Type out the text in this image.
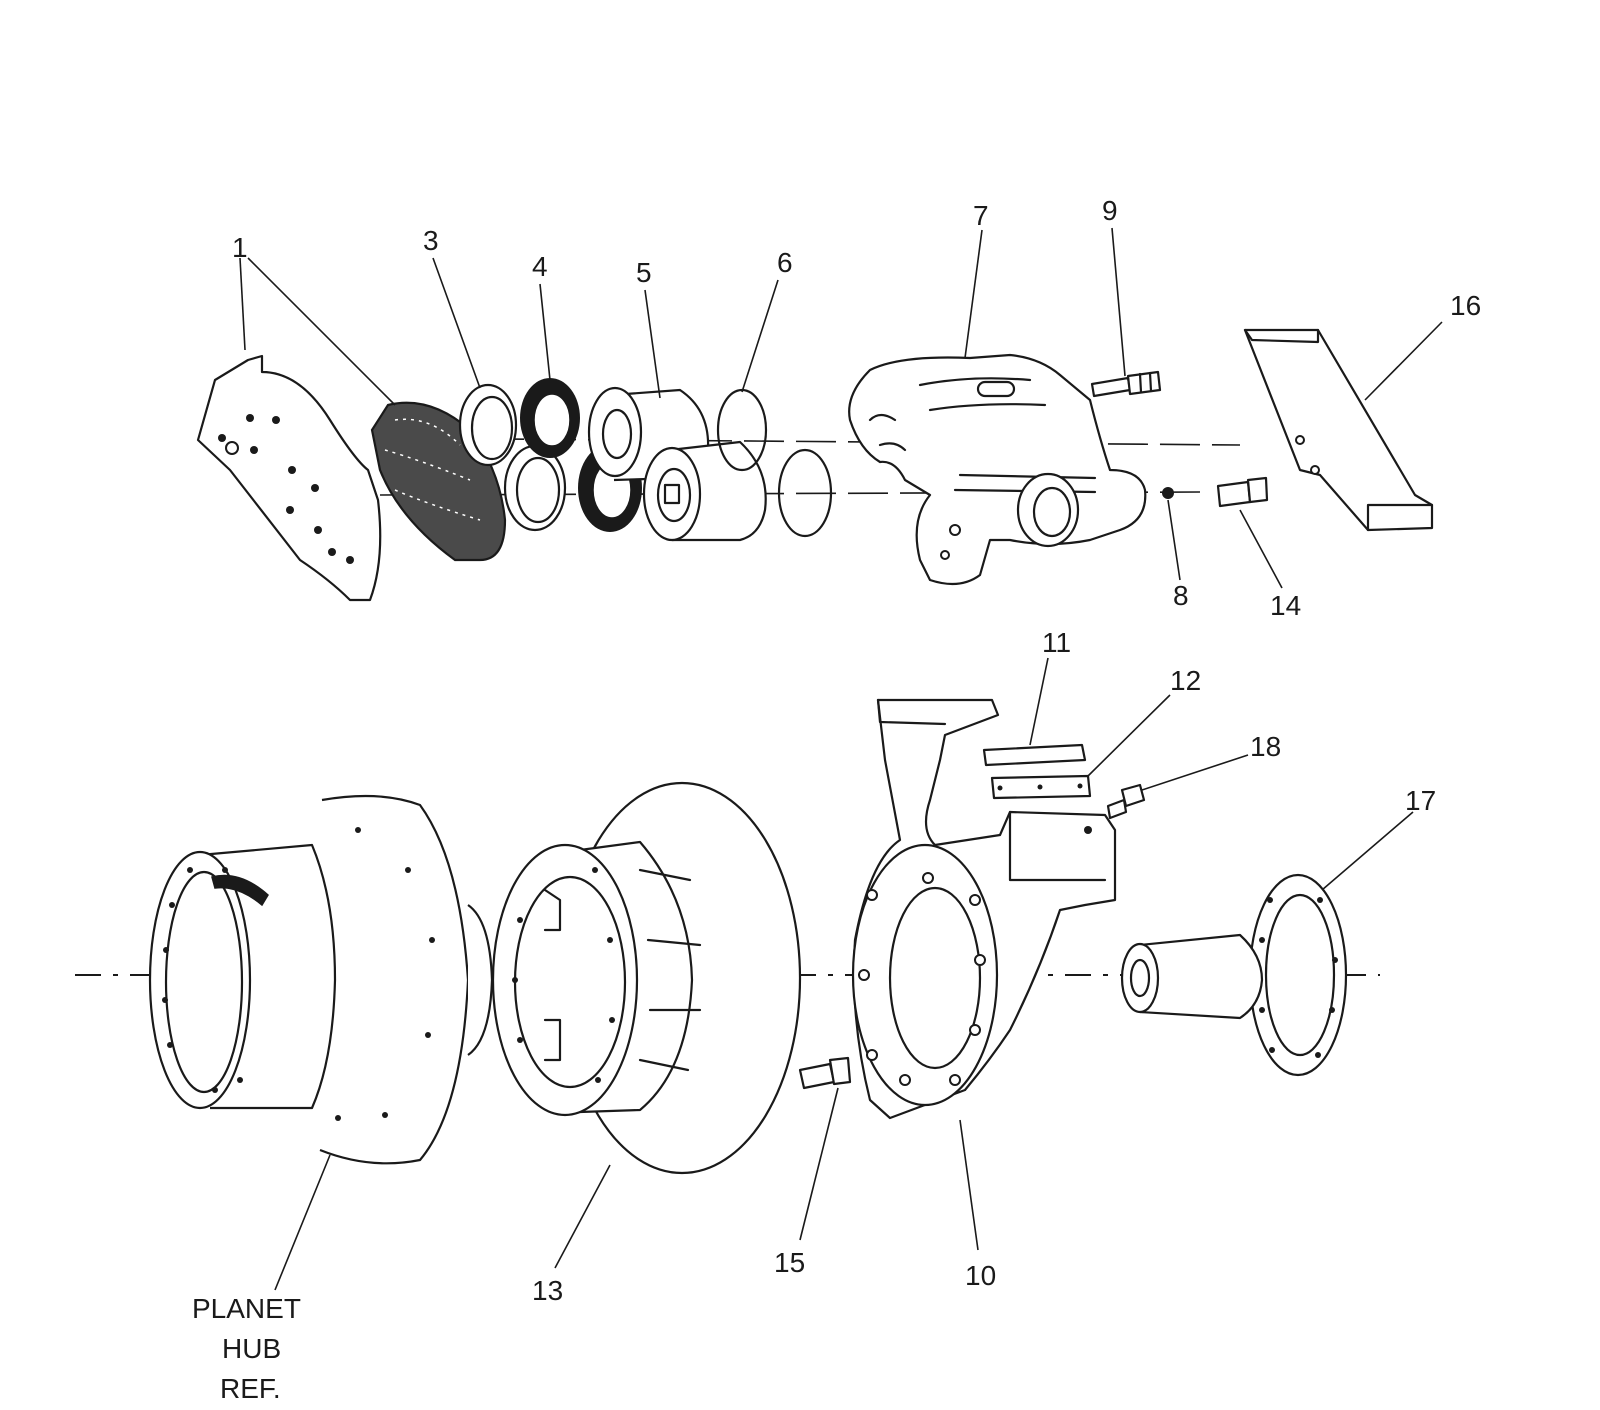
1	3
4	5	6
7	9
16
8	14
11
12
18
17
13
15	10
PLANET
HUB
REF.
